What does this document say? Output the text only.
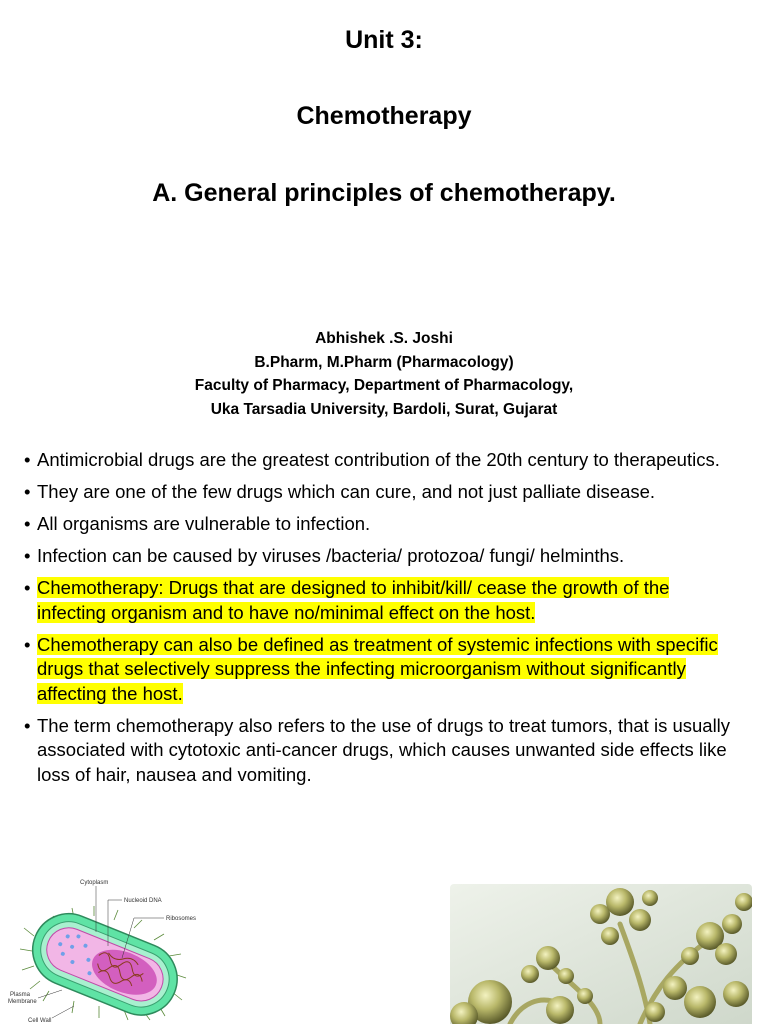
Unit 3:
Chemotherapy
A. General principles of chemotherapy.
Abhishek .S. Joshi
B.Pharm, M.Pharm (Pharmacology)
Faculty of Pharmacy, Department of Pharmacology,
Uka Tarsadia University, Bardoli, Surat, Gujarat
• Antimicrobial drugs are the greatest contribution of the 20th century to therapeutics.
• They are one of the few drugs which can cure, and not just palliate disease.
• All organisms are vulnerable to infection.
• Infection can be caused by viruses /bacteria/ protozoa/ fungi/ helminths.
• Chemotherapy: Drugs that are designed to inhibit/kill/ cease the growth of the infecting organism and to have no/minimal effect on the host.
• Chemotherapy can also be defined as treatment of systemic infections with specific drugs that selectively suppress the infecting microorganism without significantly affecting the host.
• The term chemotherapy also refers to the use of drugs to treat tumors, that is usually associated with cytotoxic anti-cancer drugs, which causes unwanted side effects like loss of hair, nausea and vomiting.
Cytoplasm
Nucleoid DNA
Ribosomes
Plasma
Membrane
Cell Wall
